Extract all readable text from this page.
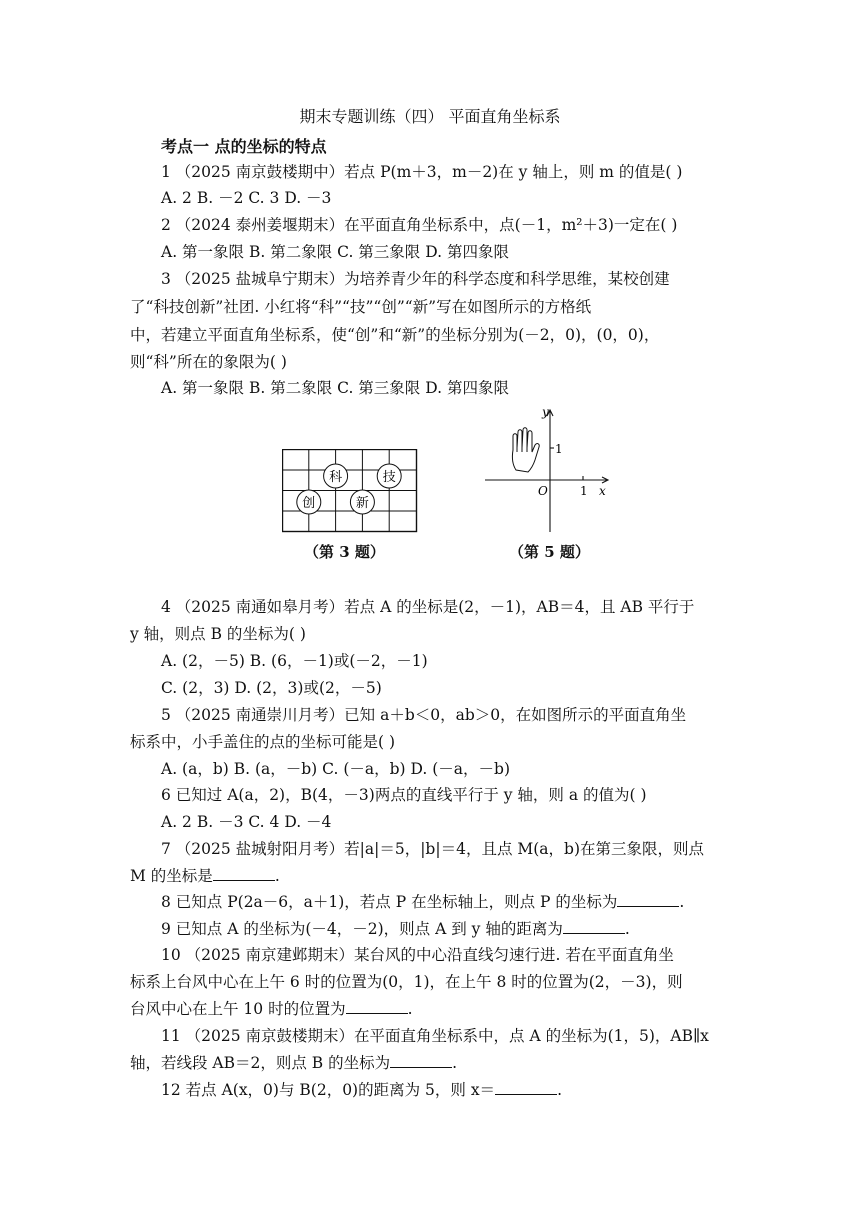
期末专题训练（四） 平面直角坐标系
考点一 点的坐标的特点
1 （2025 南京鼓楼期中）若点 P(m＋3，m－2)在 y 轴上，则 m 的值是( )
A. 2 B. －2 C. 3 D. －3
2 （2024 泰州姜堰期末）在平面直角坐标系中，点(－1，m²＋3)一定在( )
A. 第一象限 B. 第二象限 C. 第三象限 D. 第四象限
3 （2025 盐城阜宁期末）为培养青少年的科学态度和科学思维，某校创建
了“科技创新”社团. 小红将“科”“技”“创”“新”写在如图所示的方格纸
中，若建立平面直角坐标系，使“创”和“新”的坐标分别为(－2，0)，(0，0)，
则“科”所在的象限为( )
A. 第一象限 B. 第二象限 C. 第三象限 D. 第四象限
科	技
创	新
（第 3 题）
y
x
O	1
1
（第 5 题）
4 （2025 南通如皋月考）若点 A 的坐标是(2，－1)，AB＝4，且 AB 平行于
y 轴，则点 B 的坐标为( )
A. (2，－5) B. (6，－1)或(－2，－1)
C. (2，3) D. (2，3)或(2，－5)
5 （2025 南通崇川月考）已知 a＋b＜0，ab＞0，在如图所示的平面直角坐
标系中，小手盖住的点的坐标可能是( )
A. (a，b) B. (a，－b) C. (－a，b) D. (－a，－b)
6 已知过 A(a，2)，B(4，－3)两点的直线平行于 y 轴，则 a 的值为( )
A. 2 B. －3 C. 4 D. －4
7 （2025 盐城射阳月考）若|a|＝5，|b|＝4，且点 M(a，b)在第三象限，则点
M 的坐标是	.
8 已知点 P(2a－6，a＋1)，若点 P 在坐标轴上，则点 P 的坐标为	.
9 已知点 A 的坐标为(－4，－2)，则点 A 到 y 轴的距离为	.
10 （2025 南京建邺期末）某台风的中心沿直线匀速行进. 若在平面直角坐
标系上台风中心在上午 6 时的位置为(0，1)，在上午 8 时的位置为(2，－3)，则
台风中心在上午 10 时的位置为	.
11 （2025 南京鼓楼期末）在平面直角坐标系中，点 A 的坐标为(1，5)，AB∥x
轴，若线段 AB＝2，则点 B 的坐标为	.
12 若点 A(x，0)与 B(2，0)的距离为 5，则 x＝	.
